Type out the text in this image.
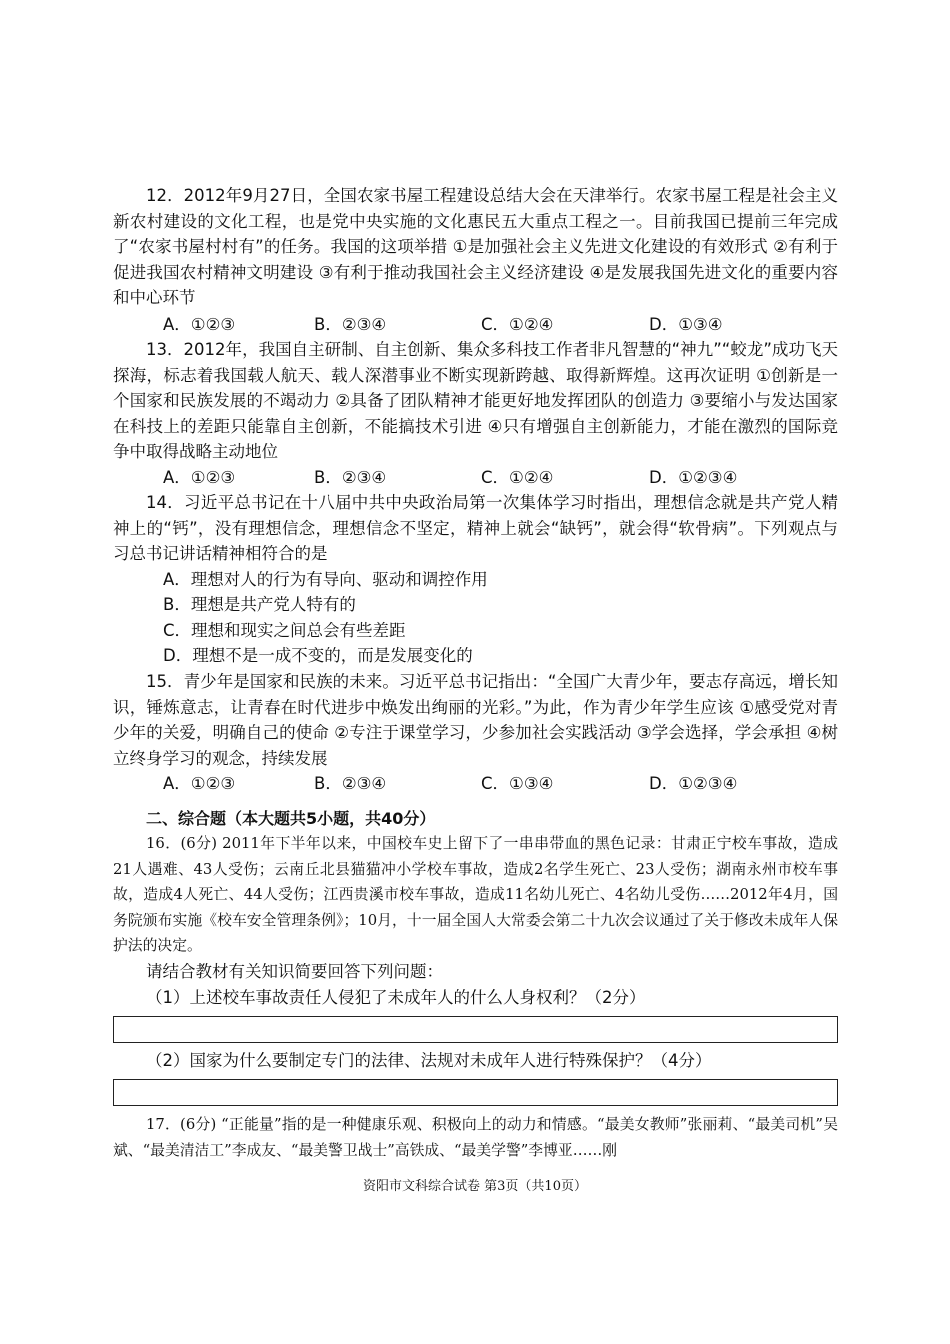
12．2012年9月27日，全国农家书屋工程建设总结大会在天津举行。农家书屋工程是社会主义新农村建设的文化工程，也是党中央实施的文化惠民五大重点工程之一。目前我国已提前三年完成了“农家书屋村村有”的任务。我国的这项举措 ①是加强社会主义先进文化建设的有效形式 ②有利于促进我国农村精神文明建设 ③有利于推动我国社会主义经济建设 ④是发展我国先进文化的重要内容和中心环节

A．①②③	B．②③④	C．①②④	D．①③④

13．2012年，我国自主研制、自主创新、集众多科技工作者非凡智慧的“神九”“蛟龙”成功飞天探海，标志着我国载人航天、载人深潜事业不断实现新跨越、取得新辉煌。这再次证明 ①创新是一个国家和民族发展的不竭动力 ②具备了团队精神才能更好地发挥团队的创造力 ③要缩小与发达国家在科技上的差距只能靠自主创新，不能搞技术引进 ④只有增强自主创新能力，才能在激烈的国际竞争中取得战略主动地位

A．①②③	B．②③④	C．①②④	D．①②③④

14．习近平总书记在十八届中共中央政治局第一次集体学习时指出，理想信念就是共产党人精神上的“钙”，没有理想信念，理想信念不坚定，精神上就会“缺钙”，就会得“软骨病”。下列观点与习总书记讲话精神相符合的是

A．理想对人的行为有导向、驱动和调控作用

B．理想是共产党人特有的

C．理想和现实之间总会有些差距

D．理想不是一成不变的，而是发展变化的

15．青少年是国家和民族的未来。习近平总书记指出：“全国广大青少年，要志存高远，增长知识，锤炼意志，让青春在时代进步中焕发出绚丽的光彩。”为此，作为青少年学生应该 ①感受党对青少年的关爱，明确自己的使命 ②专注于课堂学习，少参加社会实践活动 ③学会选择，学会承担 ④树立终身学习的观念，持续发展

A．①②③	B．②③④	C．①③④	D．①②③④
二、综合题（本大题共5小题，共40分）

16．(6分) 2011年下半年以来，中国校车史上留下了一串串带血的黑色记录：甘肃正宁校车事故，造成21人遇难、43人受伤；云南丘北县猫猫冲小学校车事故，造成2名学生死亡、23人受伤；湖南永州市校车事故，造成4人死亡、44人受伤；江西贵溪市校车事故，造成11名幼儿死亡、4名幼儿受伤……2012年4月，国务院颁布实施《校车安全管理条例》；10月，十一届全国人大常委会第二十九次会议通过了关于修改未成年人保护法的决定。

请结合教材有关知识简要回答下列问题：

（1）上述校车事故责任人侵犯了未成年人的什么人身权利？（2分）

（2）国家为什么要制定专门的法律、法规对未成年人进行特殊保护？（4分）

17．(6分) “正能量”指的是一种健康乐观、积极向上的动力和情感。“最美女教师”张丽莉、“最美司机”吴斌、“最美清洁工”李成友、“最美警卫战士”高铁成、“最美学警”李博亚……刚

资阳市文科综合试卷 第3页（共10页）
